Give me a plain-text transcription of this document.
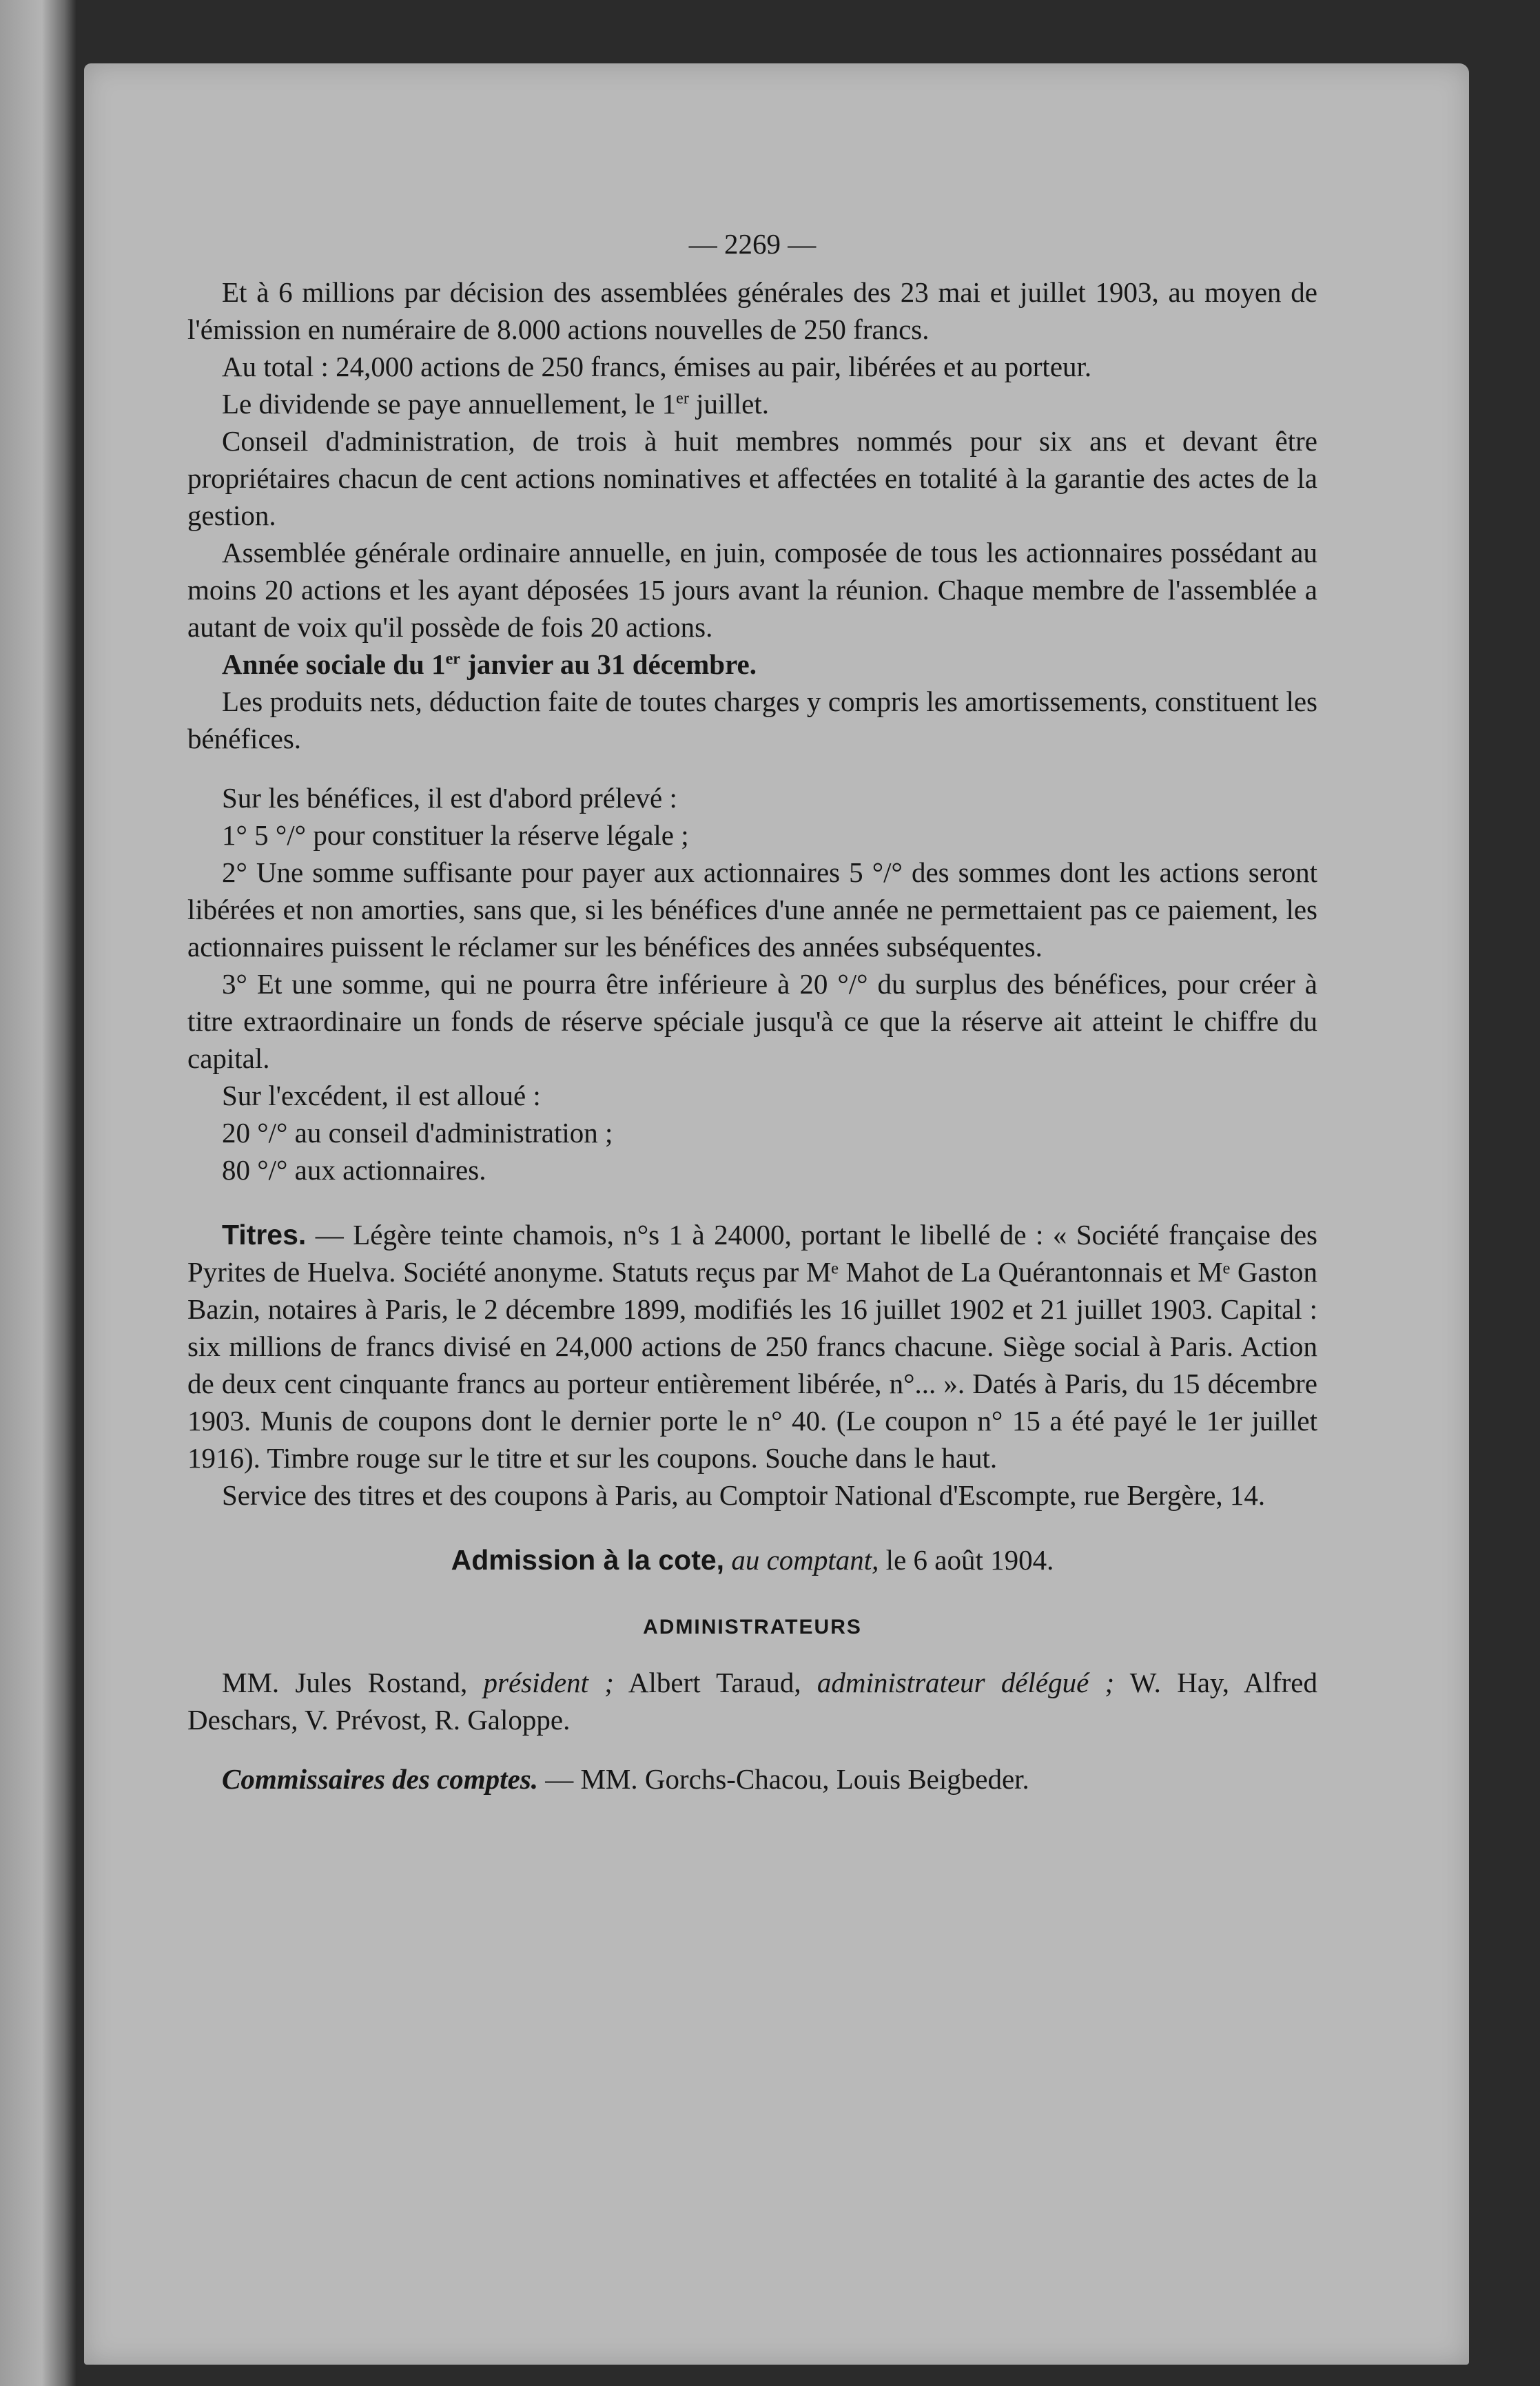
— 2269 —

Et à 6 millions par décision des assemblées générales des 23 mai et juillet 1903, au moyen de l'émission en numéraire de 8.000 actions nouvelles de 250 francs.

Au total : 24,000 actions de 250 francs, émises au pair, libérées et au porteur.

Le dividende se paye annuellement, le 1er juillet.

Conseil d'administration, de trois à huit membres nommés pour six ans et devant être propriétaires chacun de cent actions nominatives et affectées en totalité à la garantie des actes de la gestion.

Assemblée générale ordinaire annuelle, en juin, composée de tous les actionnaires possédant au moins 20 actions et les ayant déposées 15 jours avant la réunion. Chaque membre de l'assemblée a autant de voix qu'il possède de fois 20 actions.

Année sociale du 1er janvier au 31 décembre.

Les produits nets, déduction faite de toutes charges y compris les amortissements, constituent les bénéfices.

Sur les bénéfices, il est d'abord prélevé :

1° 5 °/° pour constituer la réserve légale ;

2° Une somme suffisante pour payer aux actionnaires 5 °/° des sommes dont les actions seront libérées et non amorties, sans que, si les bénéfices d'une année ne permettaient pas ce paiement, les actionnaires puissent le réclamer sur les bénéfices des années subséquentes.

3° Et une somme, qui ne pourra être inférieure à 20 °/° du surplus des bénéfices, pour créer à titre extraordinaire un fonds de réserve spéciale jusqu'à ce que la réserve ait atteint le chiffre du capital.

Sur l'excédent, il est alloué :

20 °/° au conseil d'administration ;

80 °/° aux actionnaires.

Titres. — Légère teinte chamois, n°s 1 à 24000, portant le libellé de : « Société française des Pyrites de Huelva. Société anonyme. Statuts reçus par Mᵉ Mahot de La Quérantonnais et Mᵉ Gaston Bazin, notaires à Paris, le 2 décembre 1899, modifiés les 16 juillet 1902 et 21 juillet 1903. Capital : six millions de francs divisé en 24,000 actions de 250 francs chacune. Siège social à Paris. Action de deux cent cinquante francs au porteur entièrement libérée, n°... ». Datés à Paris, du 15 décembre 1903. Munis de coupons dont le dernier porte le n° 40. (Le coupon n° 15 a été payé le 1er juillet 1916). Timbre rouge sur le titre et sur les coupons. Souche dans le haut.

Service des titres et des coupons à Paris, au Comptoir National d'Escompte, rue Bergère, 14.

Admission à la cote, au comptant, le 6 août 1904.

ADMINISTRATEURS

MM. Jules Rostand, président ; Albert Taraud, administrateur délégué ; W. Hay, Alfred Deschars, V. Prévost, R. Galoppe.

Commissaires des comptes. — MM. Gorchs-Chacou, Louis Beigbeder.
